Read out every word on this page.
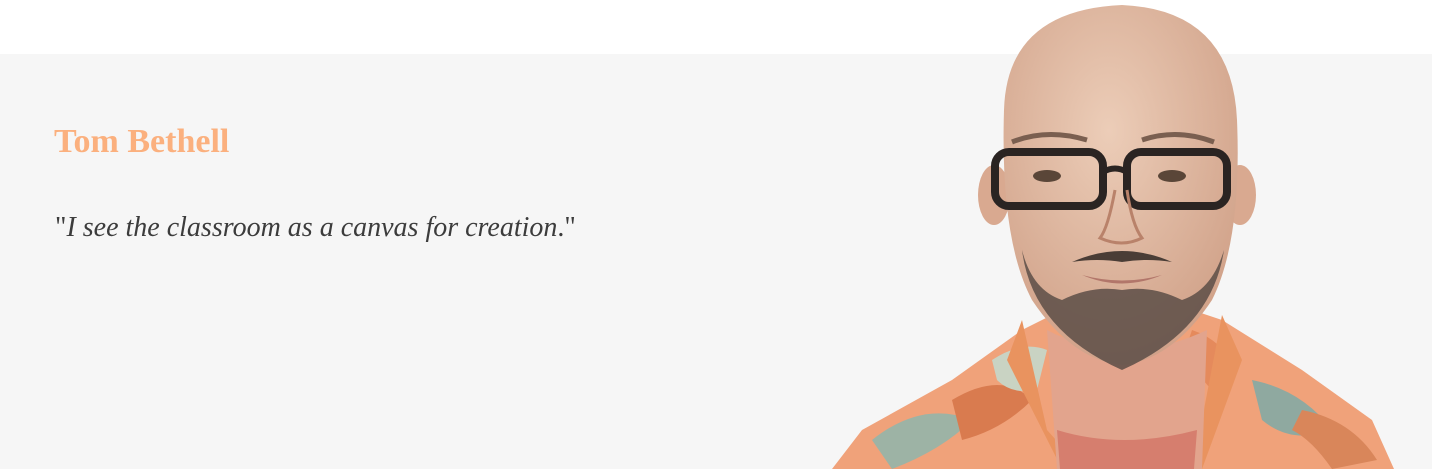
Tom Bethell

"I see the classroom as a canvas for creation."
